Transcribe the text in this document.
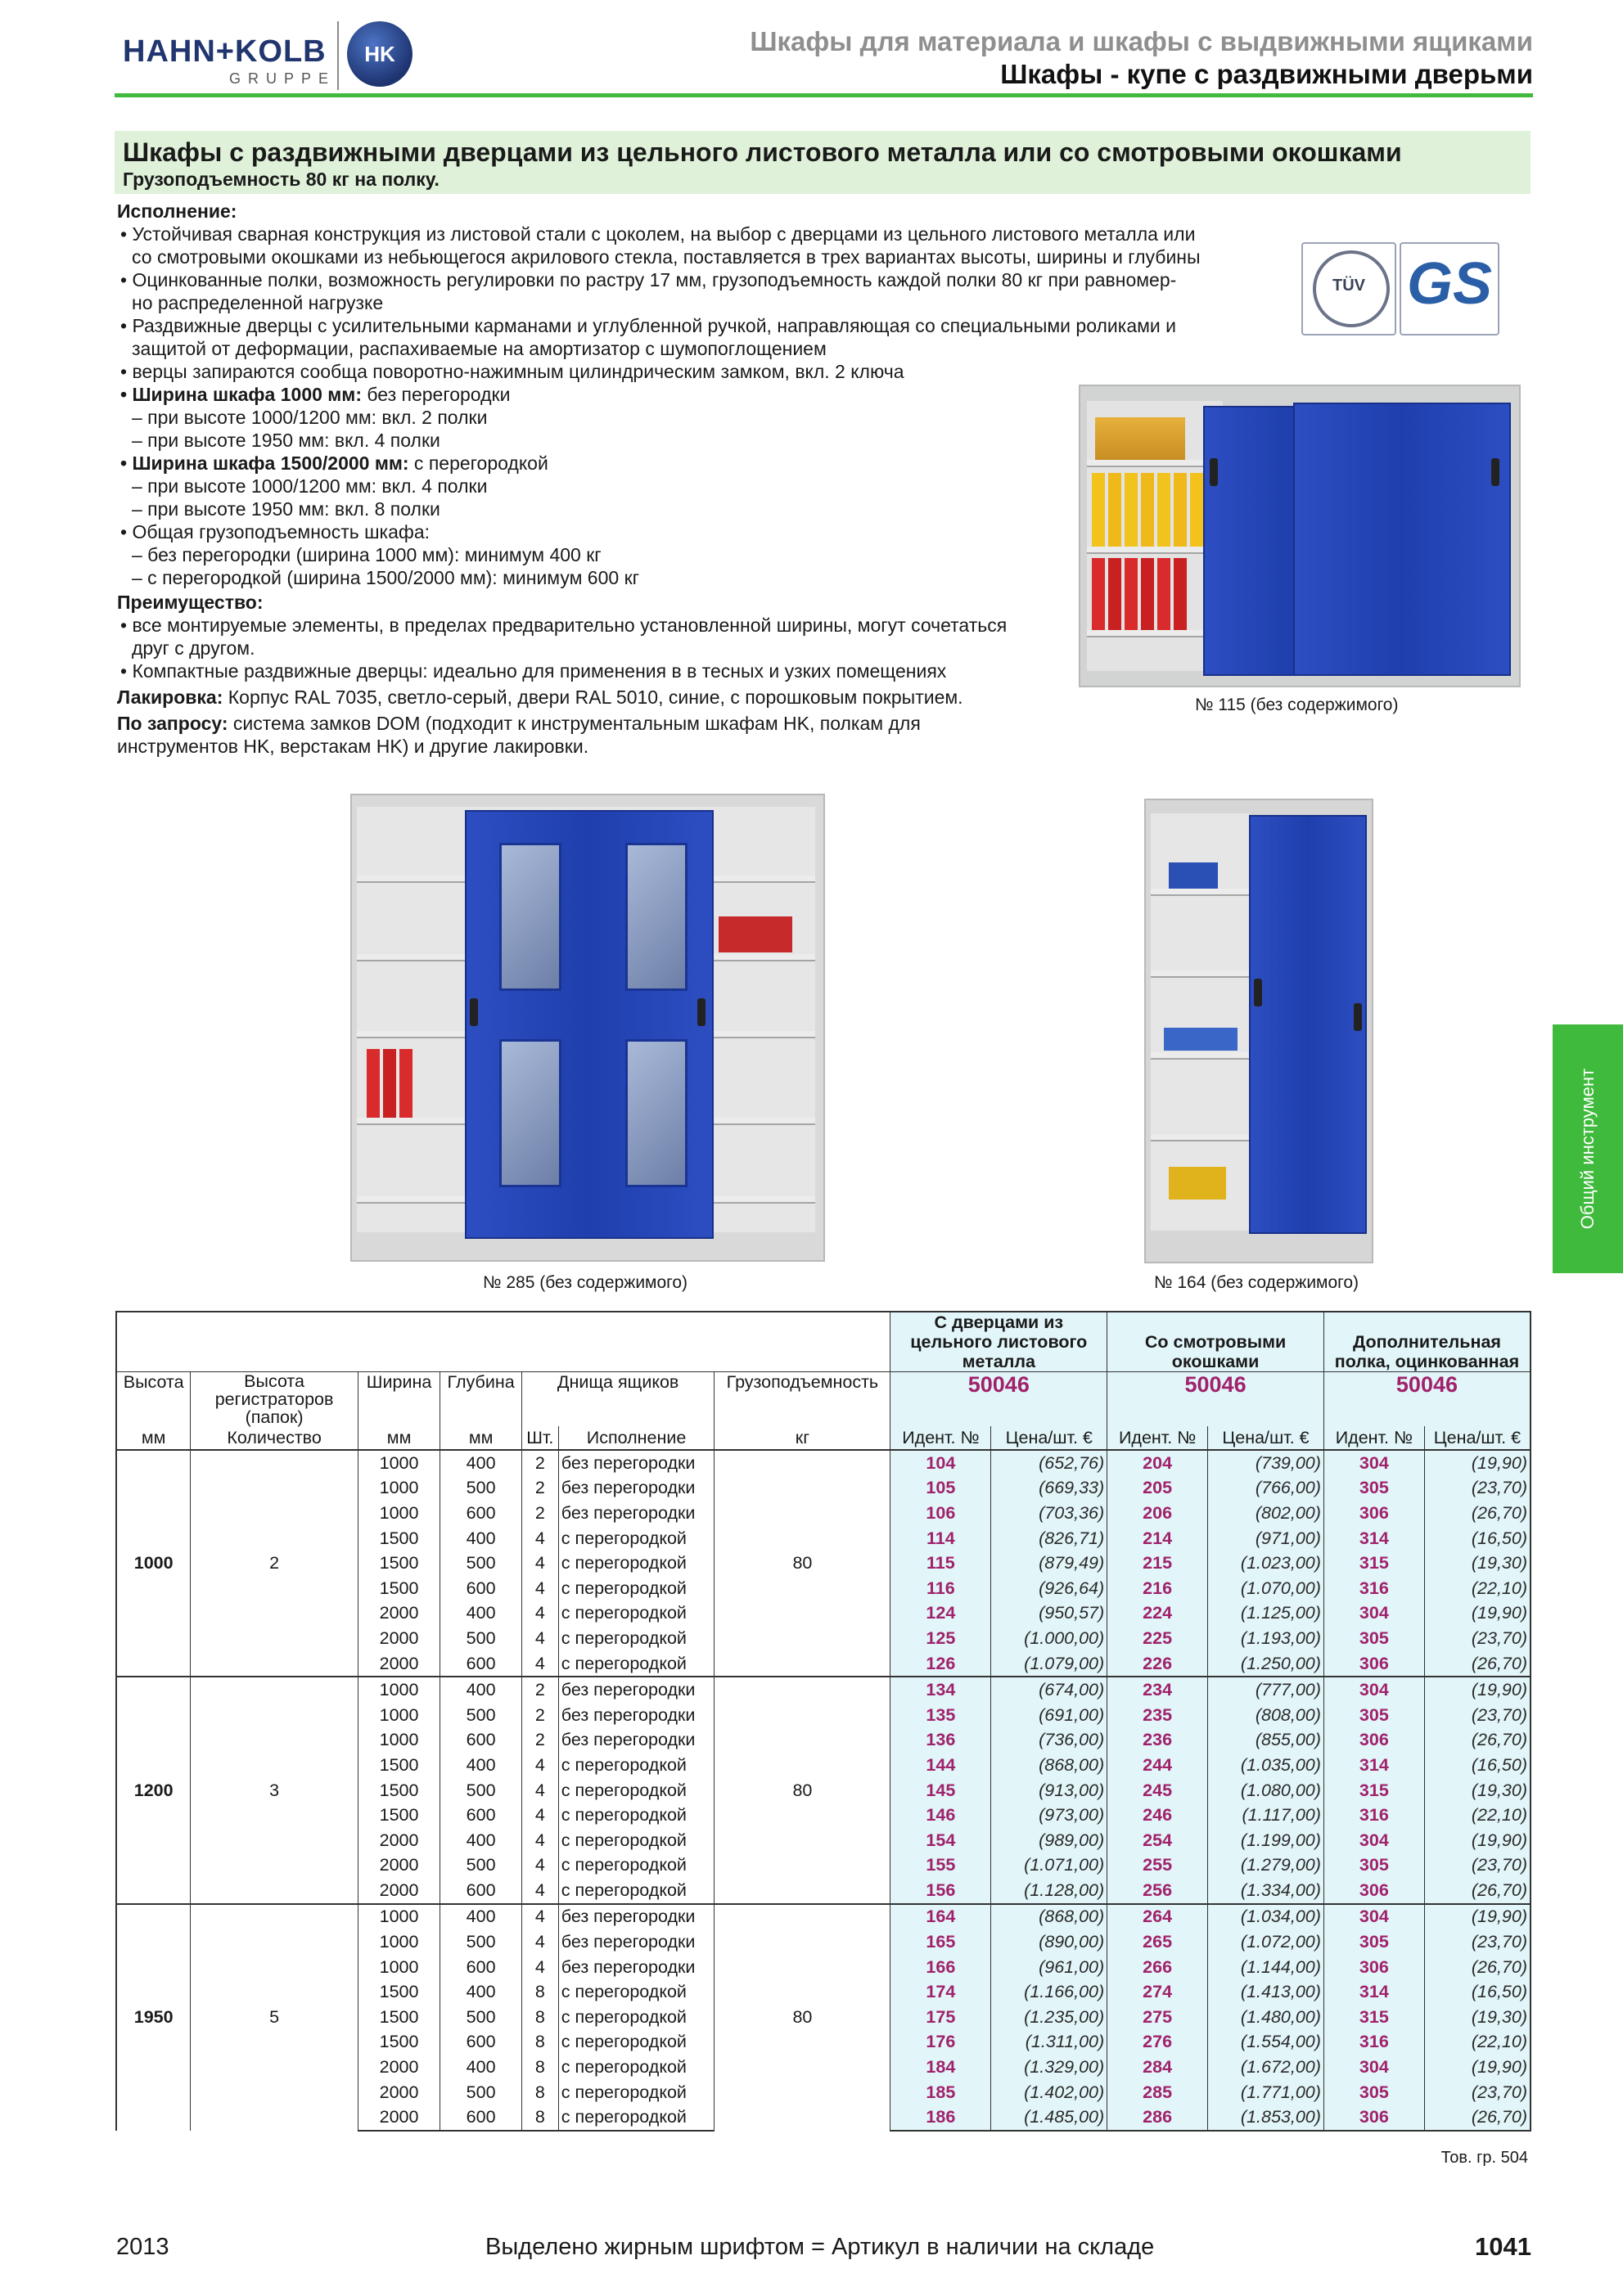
HAHN+KOLB
GRUPPE
HK	Шкафы для материала и шкафы с выдвижными ящиками
Шкафы - купе с раздвижными дверьми
Шкафы с раздвижными дверцами из цельного листового металла или со смотровыми окошками
Грузоподъемность 80 кг на полку.
Исполнение:
• Устойчивая сварная конструкция из листовой стали с цоколем, на выбор с дверцами из цельного листового металла или
со смотровыми окошками из небьющегося акрилового стекла, поставляется в трех вариантах высоты, ширины и глубины
• Оцинкованные полки, возможность регулировки по растру 17 мм, грузоподъемность каждой полки 80 кг при равномер-
но распределенной нагрузке
• Раздвижные дверцы с усилительными карманами и углубленной ручкой, направляющая со специальными роликами и
защитой от деформации, распахиваемые на амортизатор с шумопоглощением
• верцы запираются сообща поворотно-нажимным цилиндрическим замком, вкл. 2 ключа
• Ширина шкафа 1000 мм: без перегородки
– при высоте 1000/1200 мм: вкл. 2 полки
– при высоте 1950 мм: вкл. 4 полки
• Ширина шкафа 1500/2000 мм: с перегородкой
– при высоте 1000/1200 мм: вкл. 4 полки
– при высоте 1950 мм: вкл. 8 полки
• Общая грузоподъемность шкафа:
– без перегородки (ширина 1000 мм): минимум 400 кг
– с перегородкой (ширина 1500/2000 мм): минимум 600 кг
Преимущество:
• все монтируемые элементы, в пределах предварительно установленной ширины, могут сочетаться
друг с другом.
• Компактные раздвижные дверцы: идеально для применения в в тесных и узких помещениях
Лакировка: Корпус RAL 7035, светло-серый, двери RAL 5010, синие, с порошковым покрытием.
По запросу: система замков DOM (подходит к инструментальным шкафам HK, полкам для
инструментов HK, верстакам HK) и другие лакировки.
TÜV GS
№ 115 (без содержимого)
№ 285 (без содержимого)	№ 164 (без содержимого)
Общий инструмент
							С дверцами из цельного листового металла		Со смотровыми окошками		Дополнительная полка, оцинкованная	
Высота	Высота регистраторов (папок)	Ширина	Глубина	Днища ящиков		Грузоподъемность	50046		50046		50046	
мм	Количество	мм	мм	Шт.	Исполнение	кг	Идент. №	Цена/шт. €	Идент. №	Цена/шт. €	Идент. №	Цена/шт. €
1000	2	1000	400	2	без перегородки	80	104	(652,76)	204	(739,00)	304	(19,90)
		1000	500	2	без перегородки		105	(669,33)	205	(766,00)	305	(23,70)
		1000	600	2	без перегородки		106	(703,36)	206	(802,00)	306	(26,70)
		1500	400	4	с перегородкой		114	(826,71)	214	(971,00)	314	(16,50)
		1500	500	4	с перегородкой		115	(879,49)	215	(1.023,00)	315	(19,30)
		1500	600	4	с перегородкой		116	(926,64)	216	(1.070,00)	316	(22,10)
		2000	400	4	с перегородкой		124	(950,57)	224	(1.125,00)	304	(19,90)
		2000	500	4	с перегородкой		125	(1.000,00)	225	(1.193,00)	305	(23,70)
		2000	600	4	с перегородкой		126	(1.079,00)	226	(1.250,00)	306	(26,70)
1200	3	1000	400	2	без перегородки	80	134	(674,00)	234	(777,00)	304	(19,90)
		1000	500	2	без перегородки		135	(691,00)	235	(808,00)	305	(23,70)
		1000	600	2	без перегородки		136	(736,00)	236	(855,00)	306	(26,70)
		1500	400	4	с перегородкой		144	(868,00)	244	(1.035,00)	314	(16,50)
		1500	500	4	с перегородкой		145	(913,00)	245	(1.080,00)	315	(19,30)
		1500	600	4	с перегородкой		146	(973,00)	246	(1.117,00)	316	(22,10)
		2000	400	4	с перегородкой		154	(989,00)	254	(1.199,00)	304	(19,90)
		2000	500	4	с перегородкой		155	(1.071,00)	255	(1.279,00)	305	(23,70)
		2000	600	4	с перегородкой		156	(1.128,00)	256	(1.334,00)	306	(26,70)
1950	5	1000	400	4	без перегородки	80	164	(868,00)	264	(1.034,00)	304	(19,90)
		1000	500	4	без перегородки		165	(890,00)	265	(1.072,00)	305	(23,70)
		1000	600	4	без перегородки		166	(961,00)	266	(1.144,00)	306	(26,70)
		1500	400	8	с перегородкой		174	(1.166,00)	274	(1.413,00)	314	(16,50)
		1500	500	8	с перегородкой		175	(1.235,00)	275	(1.480,00)	315	(19,30)
		1500	600	8	с перегородкой		176	(1.311,00)	276	(1.554,00)	316	(22,10)
		2000	400	8	с перегородкой		184	(1.329,00)	284	(1.672,00)	304	(19,90)
		2000	500	8	с перегородкой		185	(1.402,00)	285	(1.771,00)	305	(23,70)
		2000	600	8	с перегородкой		186	(1.485,00)	286	(1.853,00)	306	(26,70)
Тов. гр. 504
2013	Выделено жирным шрифтом = Артикул в наличии на складе	1041
